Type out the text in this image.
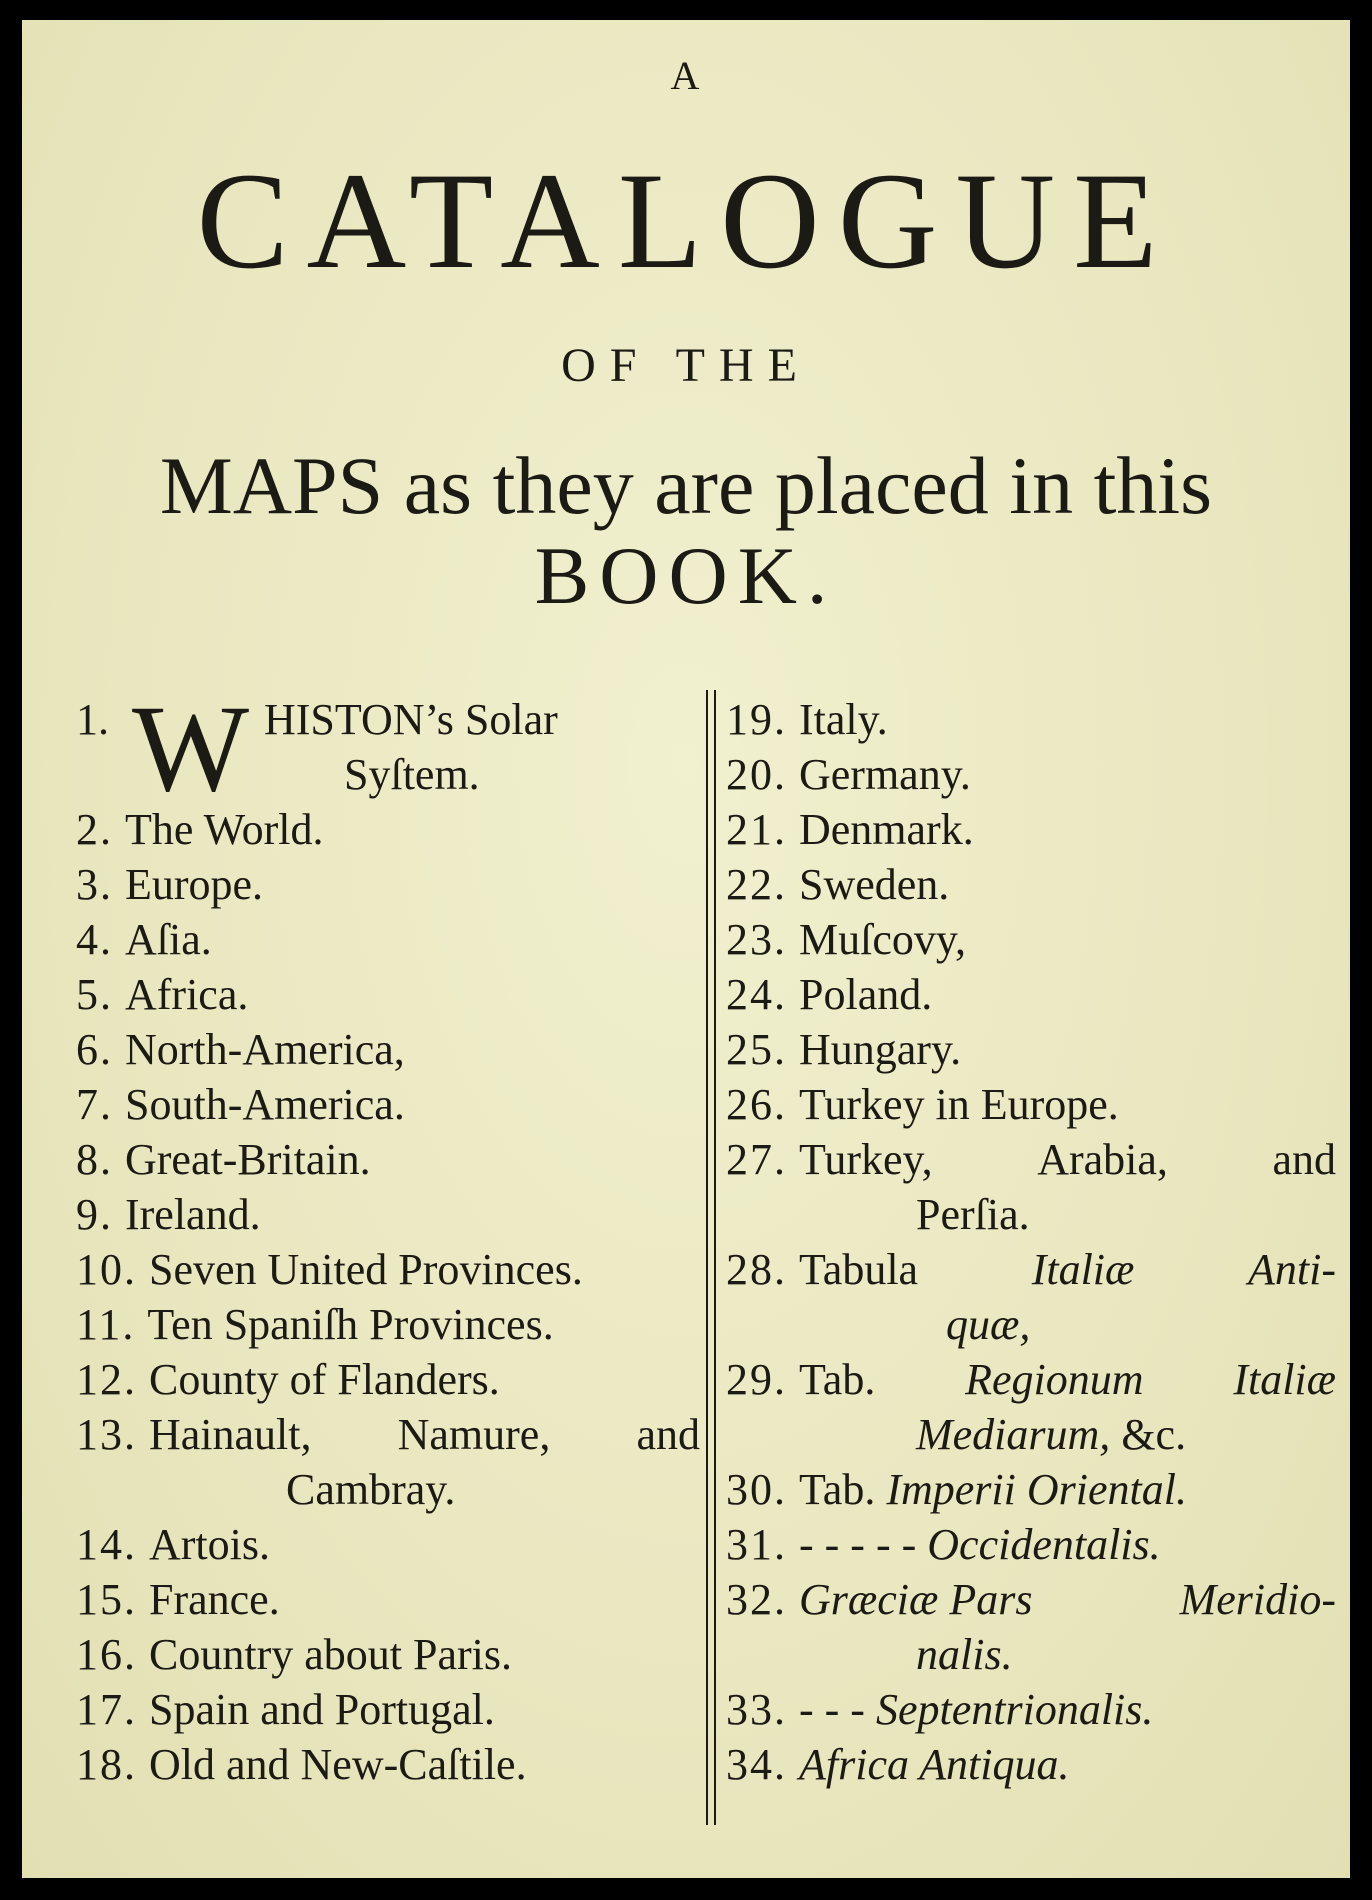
A
CATALOGUE
OF THE
MAPS as they are placed in this
BOOK.
1. W HISTON’s Solar
Syſtem.
2. The World.
3. Europe.
4. Aſia.
5. Africa.
6. North-America,
7. South-America.
8. Great-Britain.
9. Ireland.
10. Seven United Provinces.
11. Ten Spaniſh Provinces.
12. County of Flanders.
13. Hainault, Namure, and
Cambray.
14. Artois.
15. France.
16. Country about Paris.
17. Spain and Portugal.
18. Old and New-Caſtile.
19. Italy.
20. Germany.
21. Denmark.
22. Sweden.
23. Muſcovy,
24. Poland.
25. Hungary.
26. Turkey in Europe.
27. Turkey, Arabia, and
Perſia.
28. Tabula	Italiæ	Anti-
quæ,
29. Tab. Regionum Italiæ
Mediarum, &c.
30. Tab. Imperii Oriental.
31. - - - - - Occidentalis.
32. Græciæ Pars	Meridio-
nalis.
33. - - - Septentrionalis.
34. Africa Antiqua.
